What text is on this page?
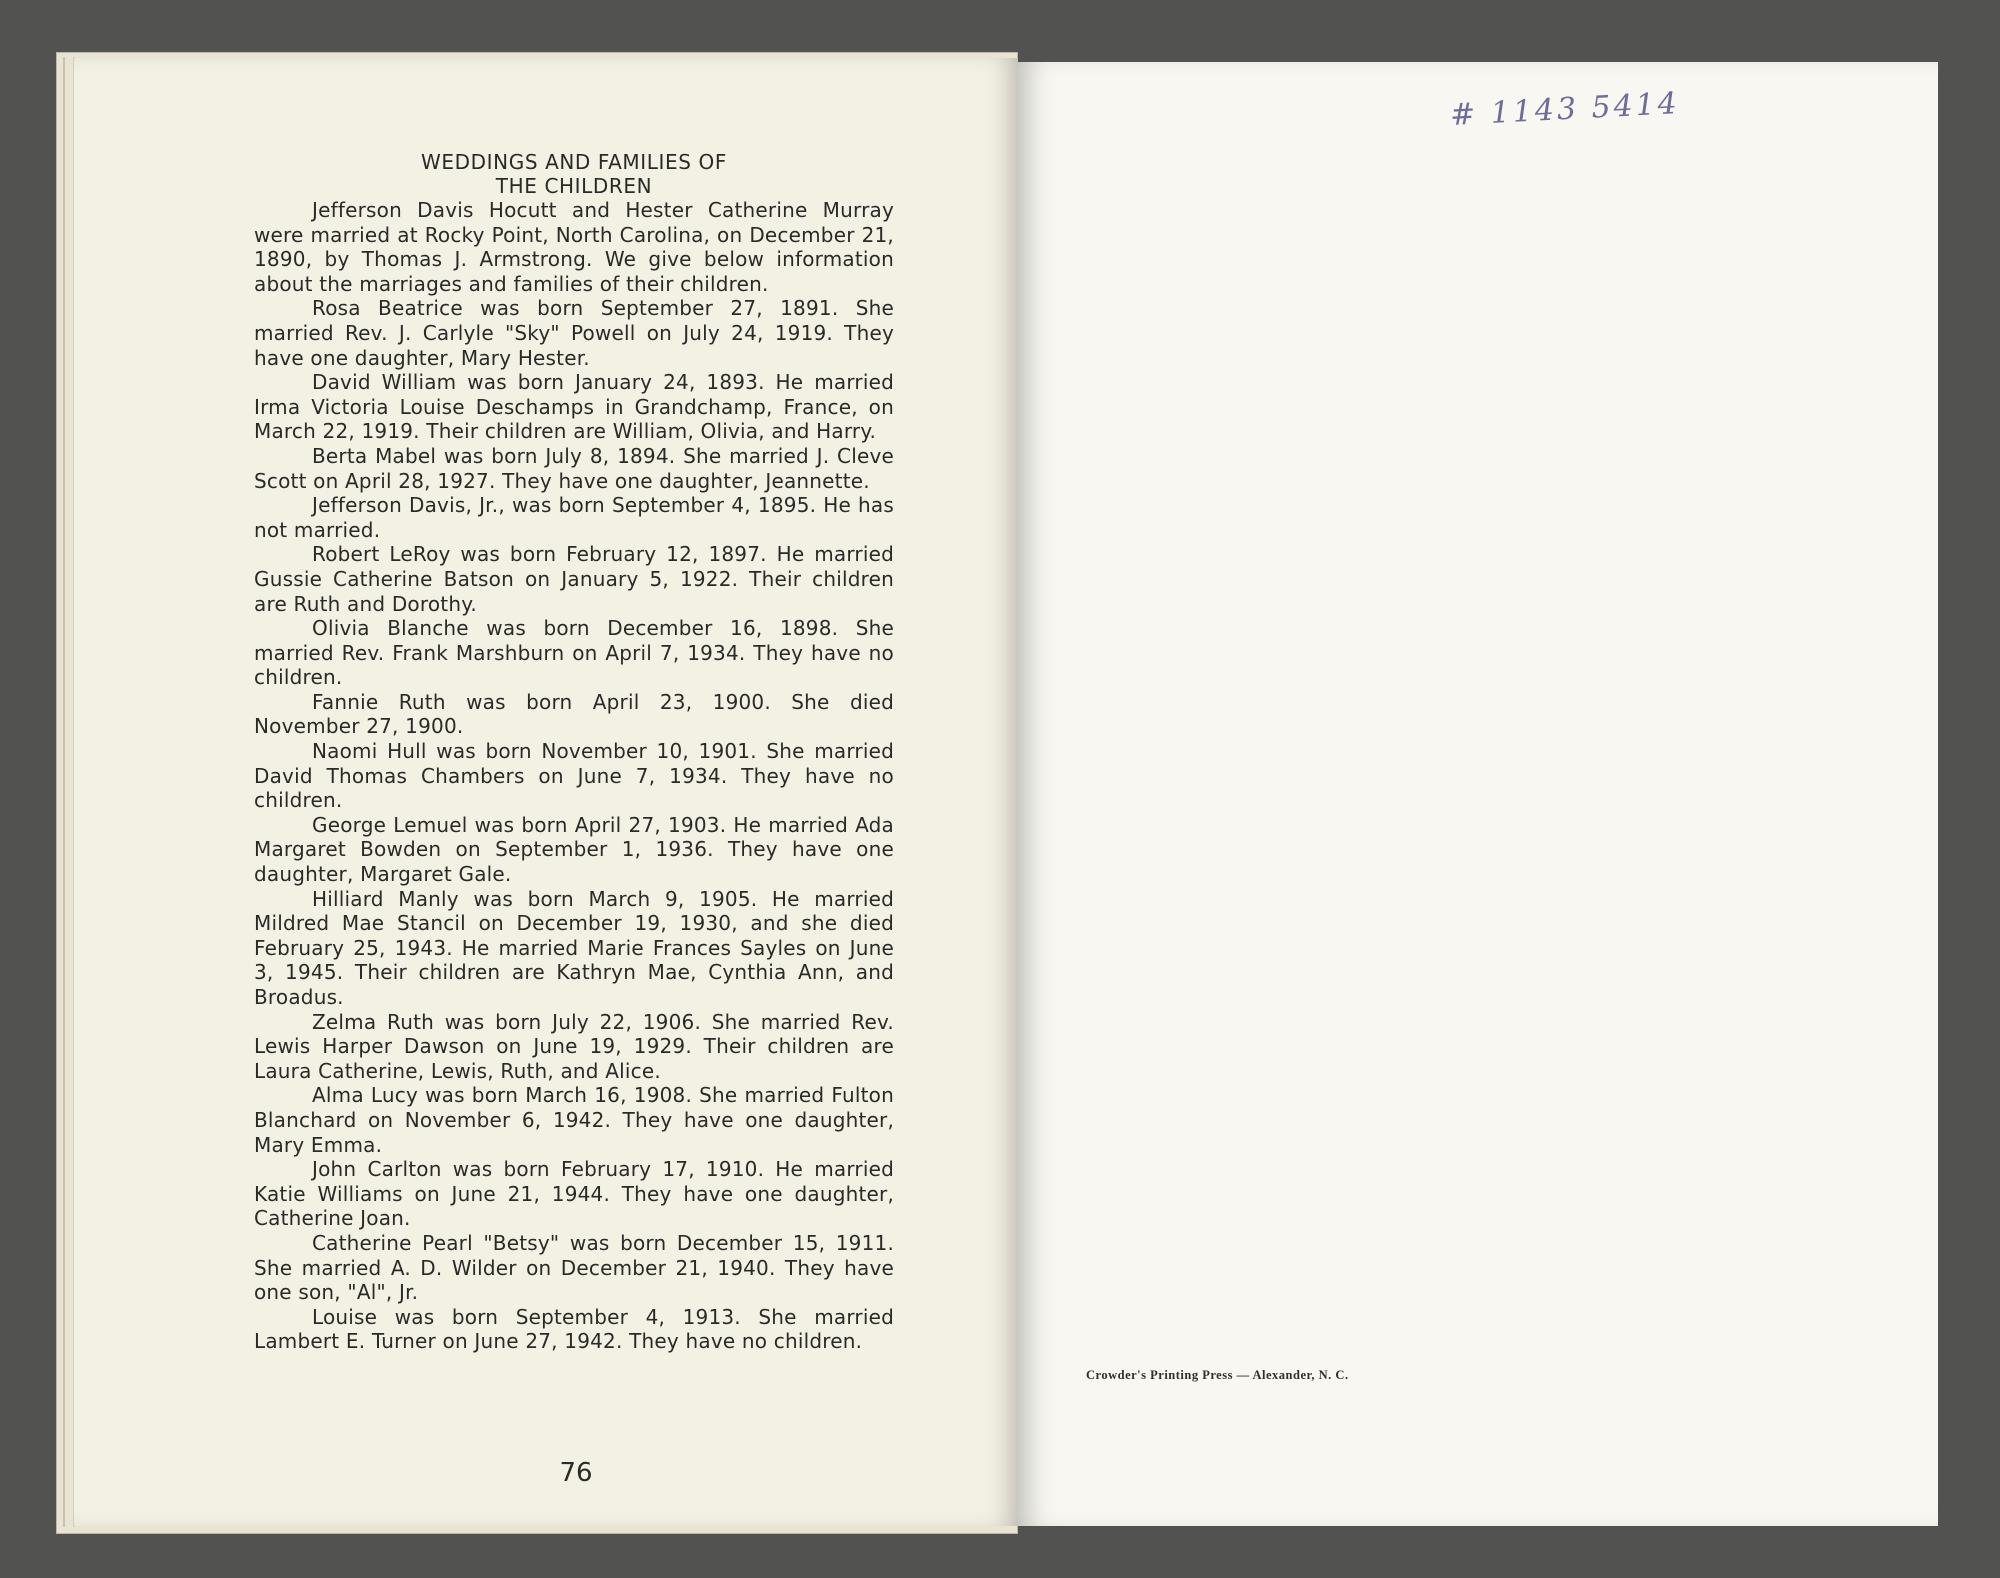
WEDDINGS AND FAMILIES OF

THE CHILDREN

Jefferson Davis Hocutt and Hester Catherine Murray were married at Rocky Point, North Carolina, on December 21, 1890, by Thomas J. Armstrong. We give below information about the marriages and families of their children.

Rosa Beatrice was born September 27, 1891. She married Rev. J. Carlyle "Sky" Powell on July 24, 1919. They have one daughter, Mary Hester.

David William was born January 24, 1893. He married Irma Victoria Louise Deschamps in Grandchamp, France, on March 22, 1919. Their children are William, Olivia, and Harry.

Berta Mabel was born July 8, 1894. She married J. Cleve Scott on April 28, 1927. They have one daughter, Jeannette.

Jefferson Davis, Jr., was born September 4, 1895. He has not married.

Robert LeRoy was born February 12, 1897. He married Gussie Catherine Batson on January 5, 1922. Their children are Ruth and Dorothy.

Olivia Blanche was born December 16, 1898. She married Rev. Frank Marshburn on April 7, 1934. They have no children.

Fannie Ruth was born April 23, 1900. She died November 27, 1900.

Naomi Hull was born November 10, 1901. She married David Thomas Chambers on June 7, 1934. They have no children.

George Lemuel was born April 27, 1903. He married Ada Margaret Bowden on September 1, 1936. They have one daughter, Margaret Gale.

Hilliard Manly was born March 9, 1905. He married Mildred Mae Stancil on December 19, 1930, and she died February 25, 1943. He married Marie Frances Sayles on June 3, 1945. Their children are Kathryn Mae, Cynthia Ann, and Broadus.

Zelma Ruth was born July 22, 1906. She married Rev. Lewis Harper Dawson on June 19, 1929. Their children are Laura Catherine, Lewis, Ruth, and Alice.

Alma Lucy was born March 16, 1908. She married Fulton Blanchard on November 6, 1942. They have one daughter, Mary Emma.

John Carlton was born February 17, 1910. He married Katie Williams on June 21, 1944. They have one daughter, Catherine Joan.

Catherine Pearl "Betsy" was born December 15, 1911. She married A. D. Wilder on December 21, 1940. They have one son, "Al", Jr.

Louise was born September 4, 1913. She married Lambert E. Turner on June 27, 1942. They have no children.

76
# 1143 5414
Crowder's Printing Press — Alexander, N. C.
